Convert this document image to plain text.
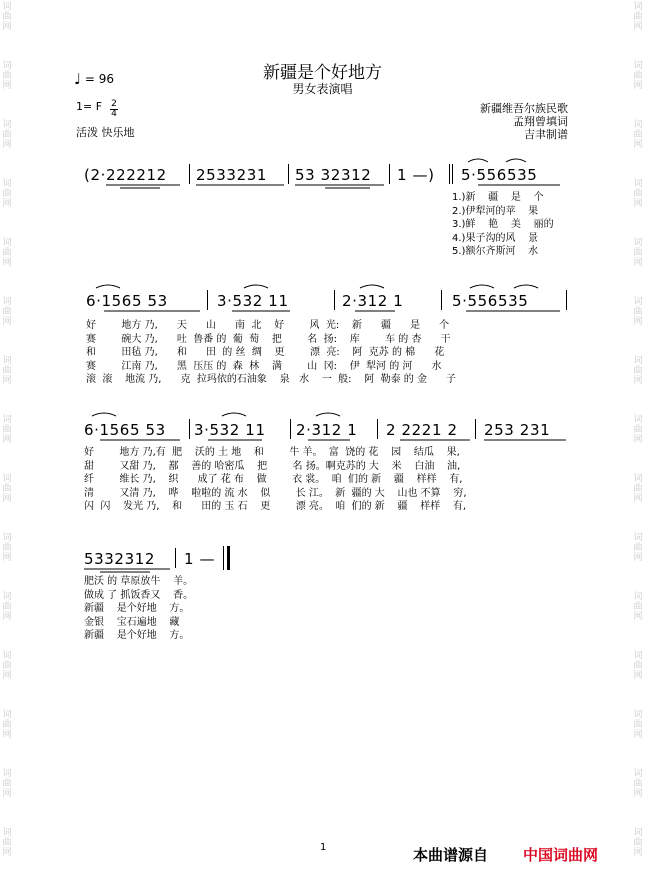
词曲网
词曲网
词曲网
词曲网
词曲网
词曲网
词曲网
词曲网
词曲网
词曲网
词曲网
词曲网
词曲网
词曲网
词曲网
词曲网
词曲网
词曲网
词曲网
词曲网
词曲网
词曲网
词曲网
词曲网
词曲网
词曲网
词曲网
词曲网
词曲网
词曲网
新疆是个好地方
男女表演唱
♩ = 96
1= F 2
4
活泼 快乐地
新疆维吾尔族民歌
孟翔曾填词
吉聿制谱
(2·222212 2533231 53 32312 1 —) 5·556535
1.)新    疆    是    个
2.)伊犁河的苹    果
3.)鲜    艳    美    丽的
4.)果子沟的风    景
5.)额尔齐斯河    水
6·1565 53	3·532 11	2·312 1	5·556535
好        地方 乃,      天      山      南  北    好        风  光:    新      疆      是      个
赛        碗大 乃,      吐  鲁番 的  葡  萄    把        名  扬:    库        车 的 杏      干
和        田毡 乃,      和      田  的 丝  绸    更        漂  亮:    阿  克苏 的 棉      花
赛        江南 乃,      黑  压压 的  森  林    满        山  冈:    伊  犁河 的 河      水
滚  滚    地流 乃,      克  拉玛依的石油象    泉   水    一  般:    阿  勒泰 的 金      子
6·1565 53 3·532 11 2·312 1 2 2221 2 253 231
好        地方 乃,有  肥    沃的 土 地    和        牛 羊。  富  饶的 花    园    结瓜    果,
甜        又甜 乃,    鄯    善的 哈密瓜    把        名 扬。啊克苏的 大    米    白油    油,
纤        维长 乃,    织      成了 花 布    做        衣 裳。  咱  们的 新    疆    样样    有,
清        又清 乃,    哗    啦啦的 流 水    似        长 江。  新  疆的 大    山也 不算    穷,
闪  闪    发光 乃,    和      田的 玉 石    更        漂 亮。  咱  们的 新    疆    样样    有,
5332312 1 —
肥沃 的 草原放牛    羊。
做成 了 抓饭香又    香。
新疆    是个好地    方。
金银    宝石遍地    藏
新疆    是个好地    方。
1	本曲谱源自 中国词曲网
